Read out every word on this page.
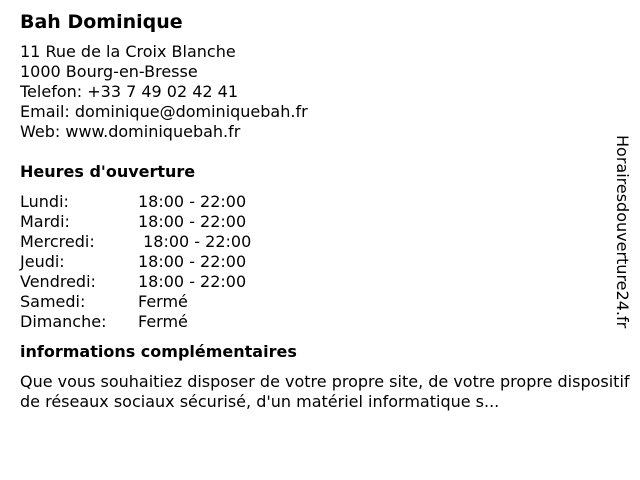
Bah Dominique
11 Rue de la Croix Blanche
1000 Bourg-en-Bresse
Telefon: +33 7 49 02 42 41
Email: dominique@dominiquebah.fr
Web: www.dominiquebah.fr
Heures d'ouverture
Lundi:	18:00 - 22:00
Mardi:	18:00 - 22:00
Mercredi:	18:00 - 22:00
Jeudi:	18:00 - 22:00
Vendredi:	18:00 - 22:00
Samedi:	Fermé
Dimanche:	Fermé
informations complémentaires
Que vous souhaitiez disposer de votre propre site, de votre propre dispositif de réseaux sociaux sécurisé, d'un matériel informatique s...
Horairesdouverture24.fr
